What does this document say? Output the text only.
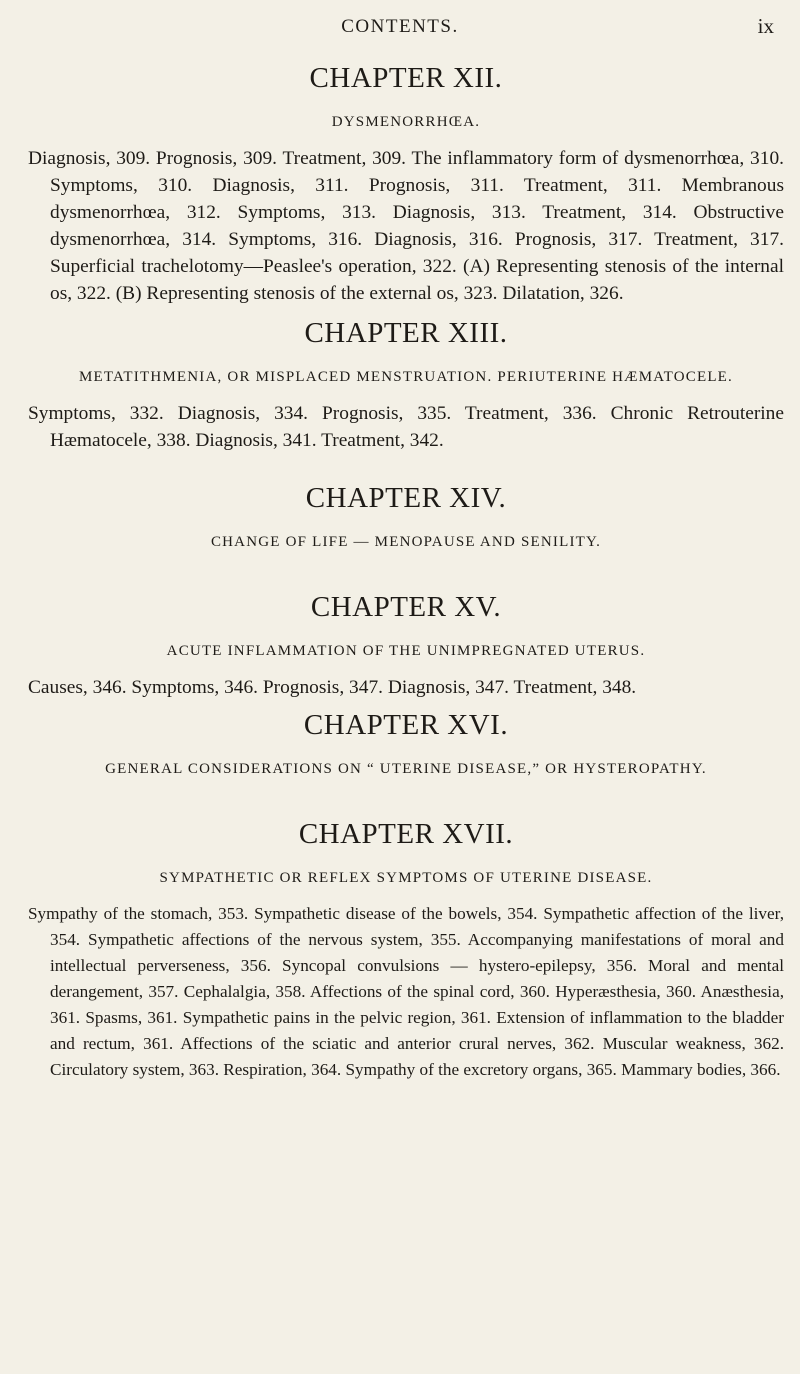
CONTENTS.	ix
CHAPTER XII.

DYSMENORRHŒA.

Diagnosis, 309. Prognosis, 309. Treatment, 309. The inflammatory form of dysmenorrhœa, 310. Symptoms, 310. Diagnosis, 311. Prognosis, 311. Treatment, 311. Membranous dysmenorrhœa, 312. Symptoms, 313. Diagnosis, 313. Treatment, 314. Obstructive dysmenorrhœa, 314. Symptoms, 316. Diagnosis, 316. Prognosis, 317. Treatment, 317. Superficial trachelotomy—Peaslee's operation, 322. (A) Representing stenosis of the internal os, 322. (B) Representing stenosis of the external os, 323. Dilatation, 326.

CHAPTER XIII.

METATITHMENIA, OR MISPLACED MENSTRUATION. PERIUTERINE HÆMATOCELE.

Symptoms, 332. Diagnosis, 334. Prognosis, 335. Treatment, 336. Chronic Retrouterine Hæmatocele, 338. Diagnosis, 341. Treatment, 342.

CHAPTER XIV.

CHANGE OF LIFE — MENOPAUSE AND SENILITY.

CHAPTER XV.

ACUTE INFLAMMATION OF THE UNIMPREGNATED UTERUS.

Causes, 346. Symptoms, 346. Prognosis, 347. Diagnosis, 347. Treatment, 348.

CHAPTER XVI.

GENERAL CONSIDERATIONS ON “ UTERINE DISEASE,” OR HYSTEROPATHY.

CHAPTER XVII.

SYMPATHETIC OR REFLEX SYMPTOMS OF UTERINE DISEASE.

Sympathy of the stomach, 353. Sympathetic disease of the bowels, 354. Sympathetic affection of the liver, 354. Sympathetic affections of the nervous system, 355. Accompanying manifestations of moral and intellectual perverseness, 356. Syncopal convulsions — hystero-epilepsy, 356. Moral and mental derangement, 357. Cephalalgia, 358. Affections of the spinal cord, 360. Hyperæsthesia, 360. Anæsthesia, 361. Spasms, 361. Sympathetic pains in the pelvic region, 361. Extension of inflammation to the bladder and rectum, 361. Affections of the sciatic and anterior crural nerves, 362. Muscular weakness, 362. Circulatory system, 363. Respiration, 364. Sympathy of the excretory organs, 365. Mammary bodies, 366.
